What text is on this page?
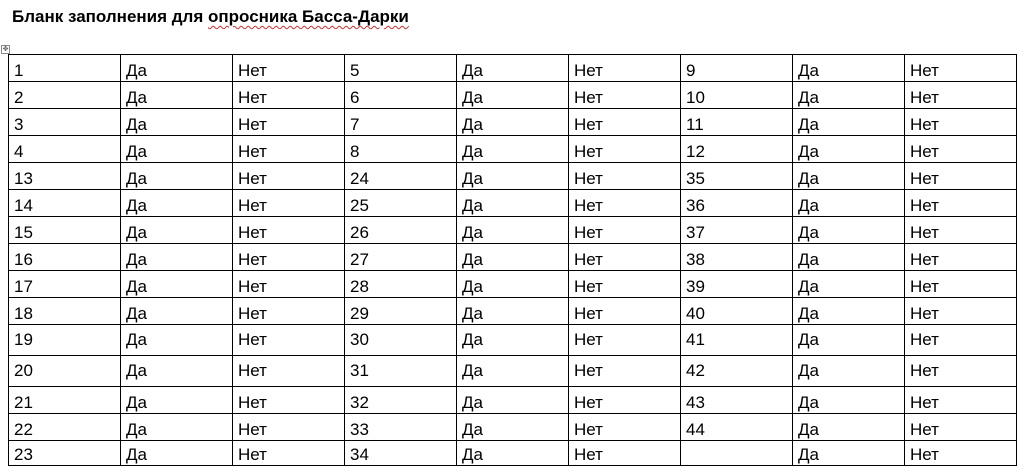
Бланк заполнения для опросника Басса-Дарки
✥
1	Да	Нет	5	Да	Нет	9	Да	Нет
2	Да	Нет	6	Да	Нет	10	Да	Нет
3	Да	Нет	7	Да	Нет	11	Да	Нет
4	Да	Нет	8	Да	Нет	12	Да	Нет
13	Да	Нет	24	Да	Нет	35	Да	Нет
14	Да	Нет	25	Да	Нет	36	Да	Нет
15	Да	Нет	26	Да	Нет	37	Да	Нет
16	Да	Нет	27	Да	Нет	38	Да	Нет
17	Да	Нет	28	Да	Нет	39	Да	Нет
18	Да	Нет	29	Да	Нет	40	Да	Нет
19	Да	Нет	30	Да	Нет	41	Да	Нет
20	Да	Нет	31	Да	Нет	42	Да	Нет
21	Да	Нет	32	Да	Нет	43	Да	Нет
22	Да	Нет	33	Да	Нет	44	Да	Нет
23	Да	Нет	34	Да	Нет		Да	Нет
